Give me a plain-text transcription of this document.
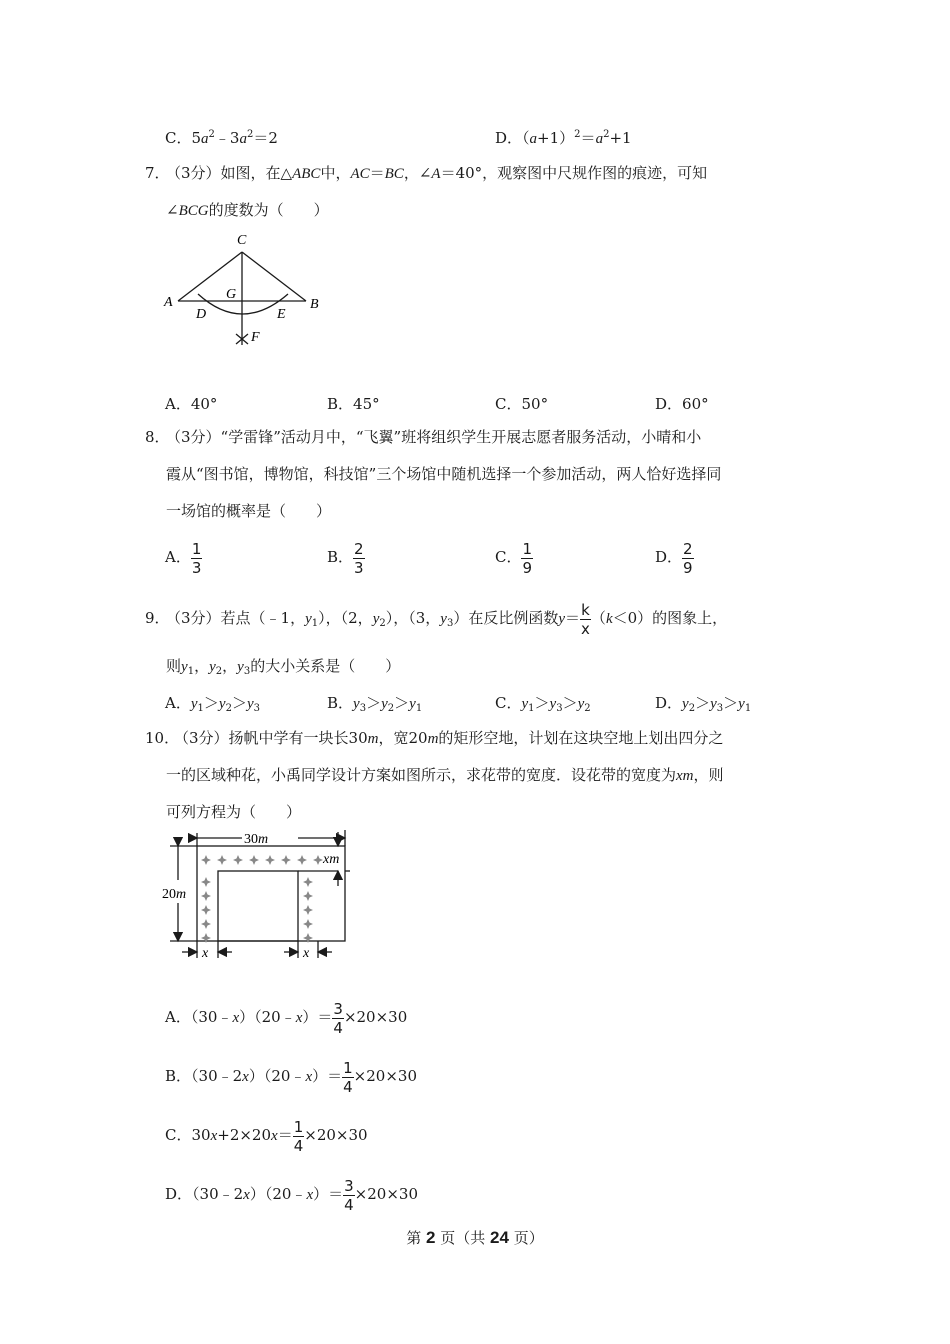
C．$5a^2﹣3a^2=2$	D．$(a+1)^2=a^2+1$
7．
（3分）如图，在△ABC中，AC＝BC，∠A＝40°，观察图中尺规作图的痕迹，可知
∠BCG的度数为（　　）
C
A	B
G
D	E
F
A．40°	B．45°	C．50°	D．60°
8．
（3分）“学雷锋”活动月中，“飞翼”班将组织学生开展志愿者服务活动，小晴和小
霞从“图书馆，博物馆，科技馆”三个场馆中随机选择一个参加活动，两人恰好选择同
一场馆的概率是（　　）
A． $\frac{1}{3}$	B． $\frac{2}{3}$	C． $\frac{1}{9}$	D． $\frac{2}{9}$
9．
（3分）若点（﹣1，$y_1$），（2，$y_2$），（3，$y_3$）在反比例函数$y= \frac{k}{x} (k<0)$的图象上，
则$y_1$，$y_2$，$y_3$的大小关系是（　　）
A．$y_1>y_2>y_3$	B．$y_3>y_2>y_1$	C．$y_1>y_3>y_2$	D．$y_2>y_3>y_1$
10．
（3分）扬帆中学有一块长30m，宽20m的矩形空地，计划在这块空地上划出四分之
一的区域种花，小禹同学设计方案如图所示，求花带的宽度．设花带的宽度为xm，则
可列方程为（　　）
30m
20m
xm
x	x
A．（30﹣x）（20﹣x）＝ $\frac{3}{4} \times 20\times 30$
B．（30﹣2x）（20﹣x）＝ $\frac{1}{4} \times 20\times 30$
C．$30x+2\times 20x= \frac{1}{4} \times 20\times 30$
D．（30﹣2x）（20﹣x）＝ $\frac{3}{4} \times 20\times 30$
第 2 页（共 24 页）
